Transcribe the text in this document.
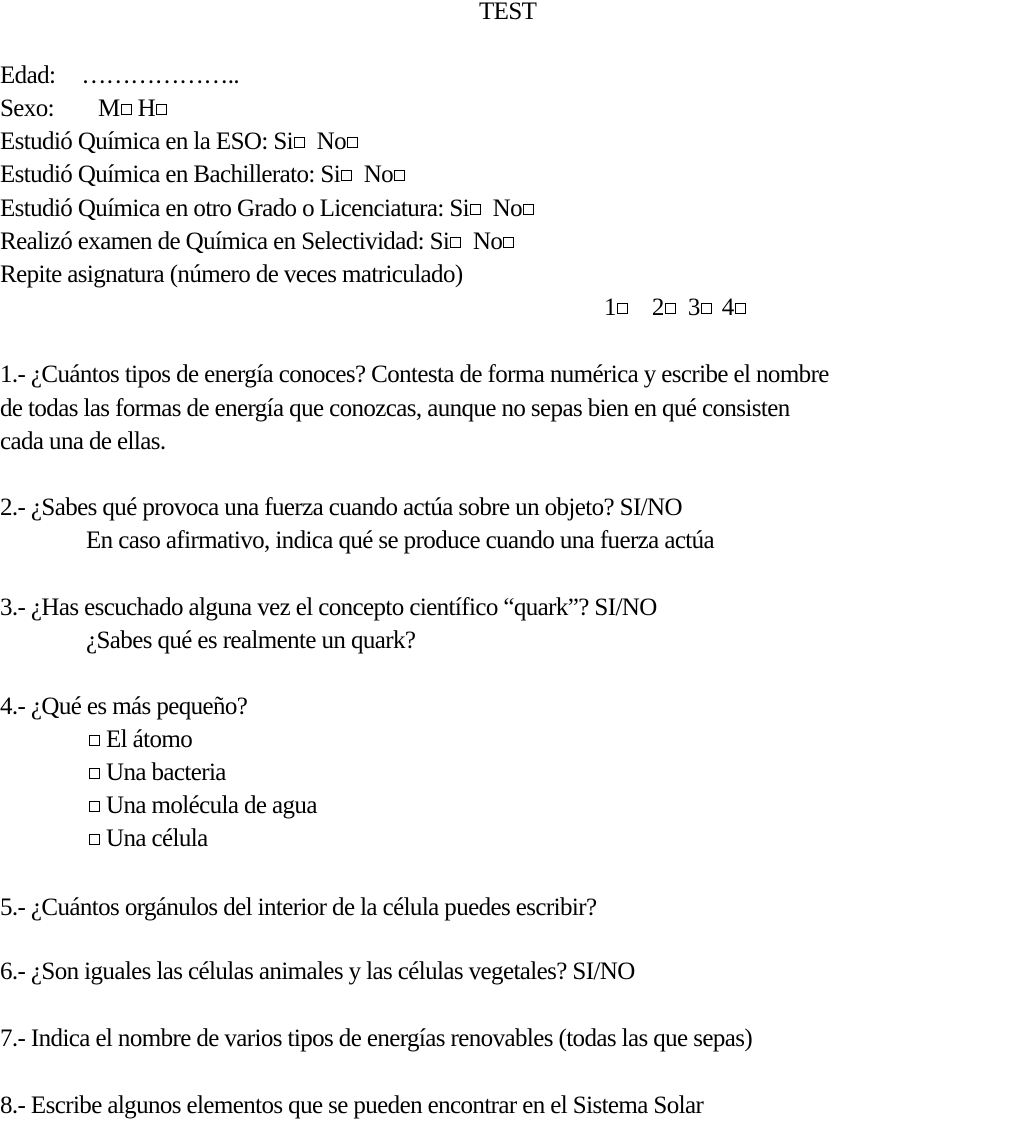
TEST
Edad: ………………..
Sexo: M H
Estudió Química en la ESO: Si No
Estudió Química en Bachillerato: Si No
Estudió Química en otro Grado o Licenciatura: Si No
Realizó examen de Química en Selectividad: Si No
Repite asignatura (número de veces matriculado)
1 2 3 4
1.- ¿Cuántos tipos de energía conoces? Contesta de forma numérica y escribe el nombre
de todas las formas de energía que conozcas, aunque no sepas bien en qué consisten
cada una de ellas.
2.- ¿Sabes qué provoca una fuerza cuando actúa sobre un objeto? SI/NO
En caso afirmativo, indica qué se produce cuando una fuerza actúa
3.- ¿Has escuchado alguna vez el concepto científico “quark”? SI/NO
¿Sabes qué es realmente un quark?
4.- ¿Qué es más pequeño?
El átomo
Una bacteria
Una molécula de agua
Una célula
5.- ¿Cuántos orgánulos del interior de la célula puedes escribir?
6.- ¿Son iguales las células animales y las células vegetales? SI/NO
7.- Indica el nombre de varios tipos de energías renovables (todas las que sepas)
8.- Escribe algunos elementos que se pueden encontrar en el Sistema Solar
